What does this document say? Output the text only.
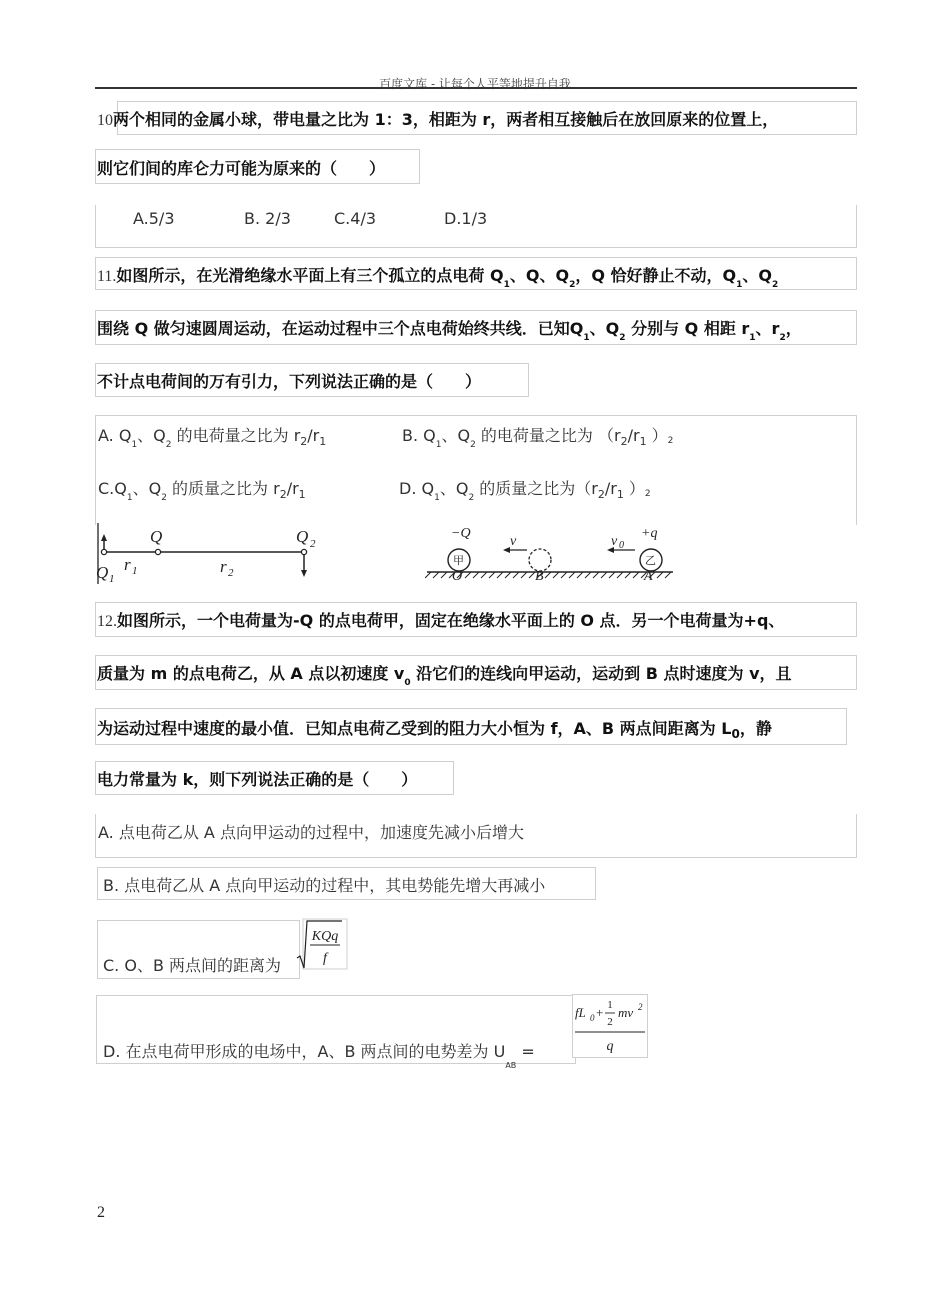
百度文库 - 让每个人平等地提升自我
10两个相同的金属小球，带电量之比为 1：3，相距为 r，两者相互接触后在放回原来的位置上，
则它们间的库仑力可能为原来的（　　）
A.5/3	B. 2/3	C.4/3	D.1/3
11.如图所示，在光滑绝缘水平面上有三个孤立的点电荷 $Q_1$、Q、$Q_2$，Q 恰好静止不动，$Q_1$、$Q_2$
围绕 Q 做匀速圆周运动，在运动过程中三个点电荷始终共线．已知$Q_1$、$Q_2$ 分别与 Q 相距 $r_1$、$r_2$，
不计点电荷间的万有引力，下列说法正确的是（　　）
A. $Q_1$、$Q_2$ 的电荷量之比为 $r_2/r_1$	B. $Q_1$、$Q_2$ 的电荷量之比为 （$r_2/r_1$ ）$^2$
$C.Q_1$、$Q_2$ 的质量之比为 $r_2/r_1$	D. $Q_1$、$Q_2$ 的质量之比为（$r_2/r_1$ ）$^2$
Q	Q 2
Q 1
r 1	r 2
甲	乙
−Q	+q
v	v 0
O	B	A
12.如图所示，一个电荷量为-Q 的点电荷甲，固定在绝缘水平面上的 O 点．另一个电荷量为+q、
质量为 m 的点电荷乙，从 A 点以初速度 $v_0$ 沿它们的连线向甲运动，运动到 B 点时速度为 v，且
为运动过程中速度的最小值．已知点电荷乙受到的阻力大小恒为 f，A、B 两点间距离为 $L_0$，静
电力常量为 k，则下列说法正确的是（　　）
A. 点电荷乙从 A 点向甲运动的过程中，加速度先减小后增大
B. 点电荷乙从 A 点向甲运动的过程中，其电势能先增大再减小
C. O、B 两点间的距离为
KQq
f
D. 在点电荷甲形成的电场中，A、B 两点间的电势差为 $U_{AB}$ =
fL 0 + 1
2
mv 2
q
2
